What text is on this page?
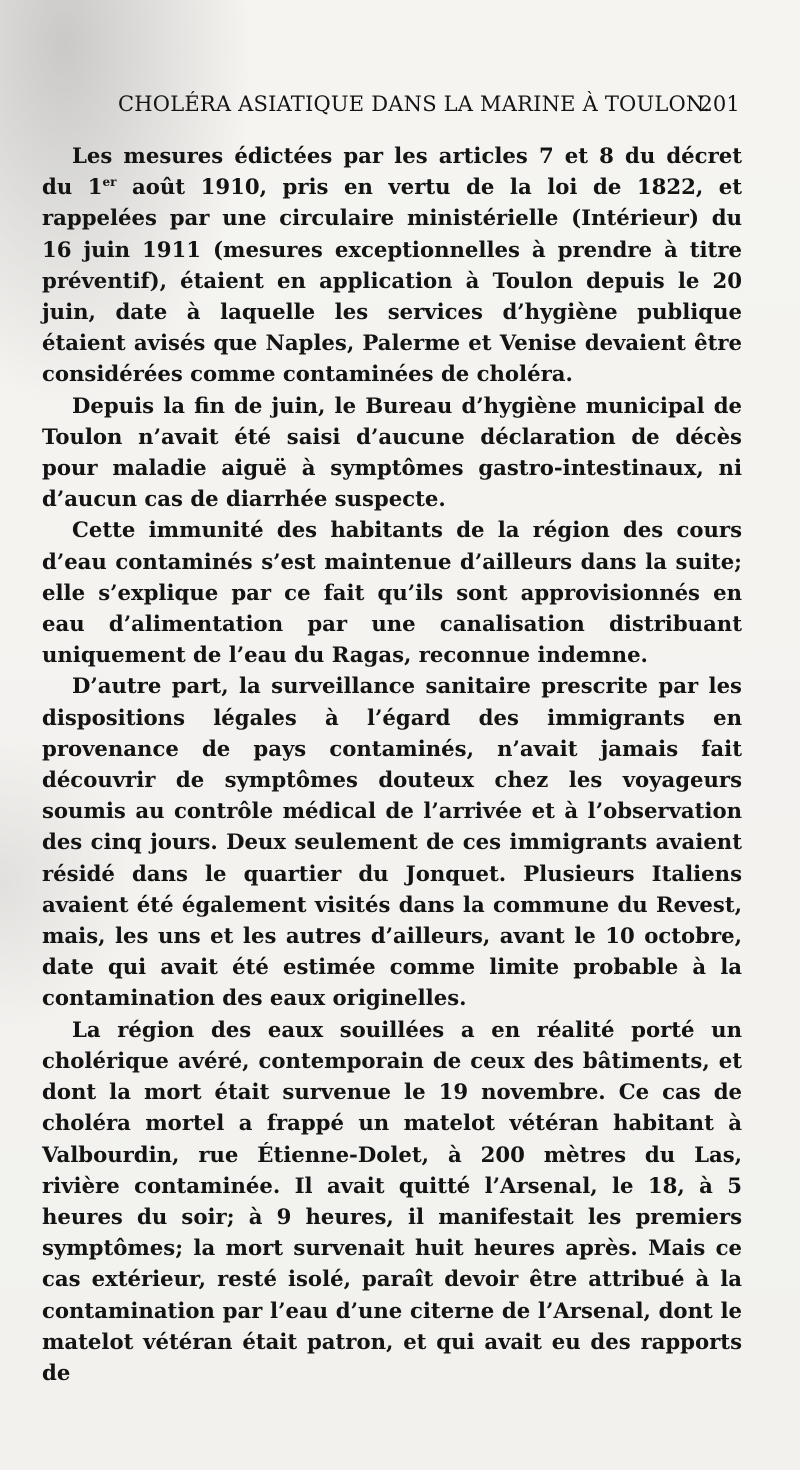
CHOLÉRA ASIATIQUE DANS LA MARINE À TOULON.
201

Les mesures édictées par les articles 7 et 8 du décret du 1er août 1910, pris en vertu de la loi de 1822, et rappelées par une circulaire ministérielle (Intérieur) du 16 juin 1911 (mesures exceptionnelles à prendre à titre préventif), étaient en application à Toulon depuis le 20 juin, date à laquelle les services d’hygiène publique étaient avisés que Naples, Palerme et Venise devaient être considérées comme contaminées de choléra.

Depuis la fin de juin, le Bureau d’hygiène municipal de Toulon n’avait été saisi d’aucune déclaration de décès pour maladie aiguë à symptômes gastro-intestinaux, ni d’aucun cas de diarrhée suspecte.

Cette immunité des habitants de la région des cours d’eau contaminés s’est maintenue d’ailleurs dans la suite; elle s’explique par ce fait qu’ils sont approvisionnés en eau d’alimentation par une canalisation distribuant uniquement de l’eau du Ragas, reconnue indemne.

D’autre part, la surveillance sanitaire prescrite par les dispositions légales à l’égard des immigrants en provenance de pays contaminés, n’avait jamais fait découvrir de symptômes douteux chez les voyageurs soumis au contrôle médical de l’arrivée et à l’observation des cinq jours. Deux seulement de ces immigrants avaient résidé dans le quartier du Jonquet. Plusieurs Italiens avaient été également visités dans la commune du Revest, mais, les uns et les autres d’ailleurs, avant le 10 octobre, date qui avait été estimée comme limite probable à la contamination des eaux originelles.

La région des eaux souillées a en réalité porté un cholérique avéré, contemporain de ceux des bâtiments, et dont la mort était survenue le 19 novembre. Ce cas de choléra mortel a frappé un matelot vétéran habitant à Valbourdin, rue Étienne-Dolet, à 200 mètres du Las, rivière contaminée. Il avait quitté l’Arsenal, le 18, à 5 heures du soir; à 9 heures, il manifestait les premiers symptômes; la mort survenait huit heures après. Mais ce cas extérieur, resté isolé, paraît devoir être attribué à la contamination par l’eau d’une citerne de l’Arsenal, dont le matelot vétéran était patron, et qui avait eu des rapports de
